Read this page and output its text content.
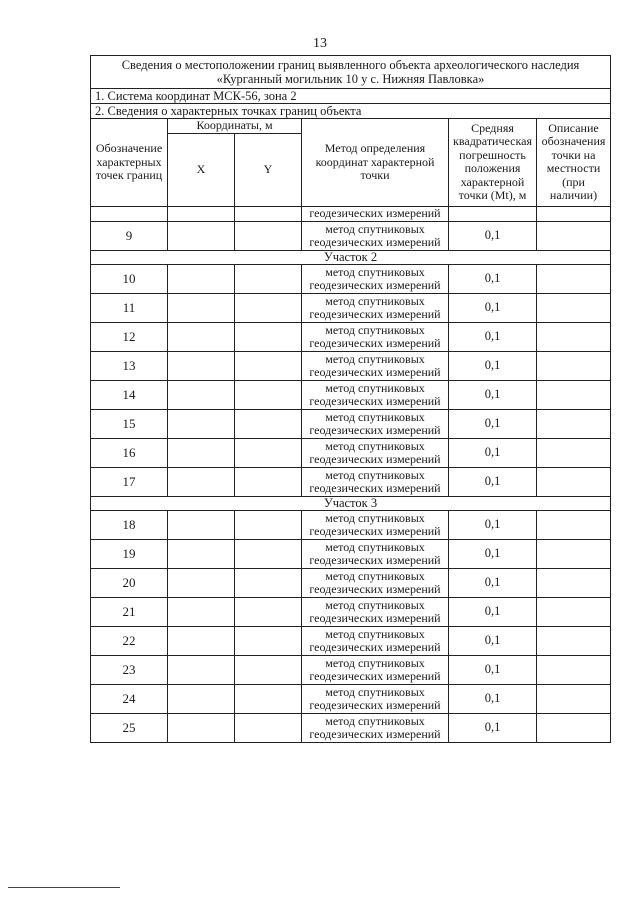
13
Сведения о местоположении границ выявленного объекта археологического наследия
«Курганный могильник 10 у с. Нижняя Павловка»					

1. Система координат МСК-56, зона 2					
2. Сведения о характерных точках границ объекта					
Обозначение характерных точек границ	Координаты, м		Метод определения координат характерной точки	Средняя квадратическая погрешность положения характерной точки (Mt), м	Описание обозначения точки на местности (при наличии)
	X	Y			
			геодезических измерений		
9			метод спутниковых
геодезических измерений	0,1	
Участок 2					
10			метод спутниковых
геодезических измерений	0,1	
11			метод спутниковых
геодезических измерений	0,1	
12			метод спутниковых
геодезических измерений	0,1	
13			метод спутниковых
геодезических измерений	0,1	
14			метод спутниковых
геодезических измерений	0,1	
15			метод спутниковых
геодезических измерений	0,1	
16			метод спутниковых
геодезических измерений	0,1	
17			метод спутниковых
геодезических измерений	0,1	
Участок 3					
18			метод спутниковых
геодезических измерений	0,1	
19			метод спутниковых
геодезических измерений	0,1	
20			метод спутниковых
геодезических измерений	0,1	
21			метод спутниковых
геодезических измерений	0,1	
22			метод спутниковых
геодезических измерений	0,1	
23			метод спутниковых
геодезических измерений	0,1	
24			метод спутниковых
геодезических измерений	0,1	
25			метод спутниковых
геодезических измерений	0,1	
